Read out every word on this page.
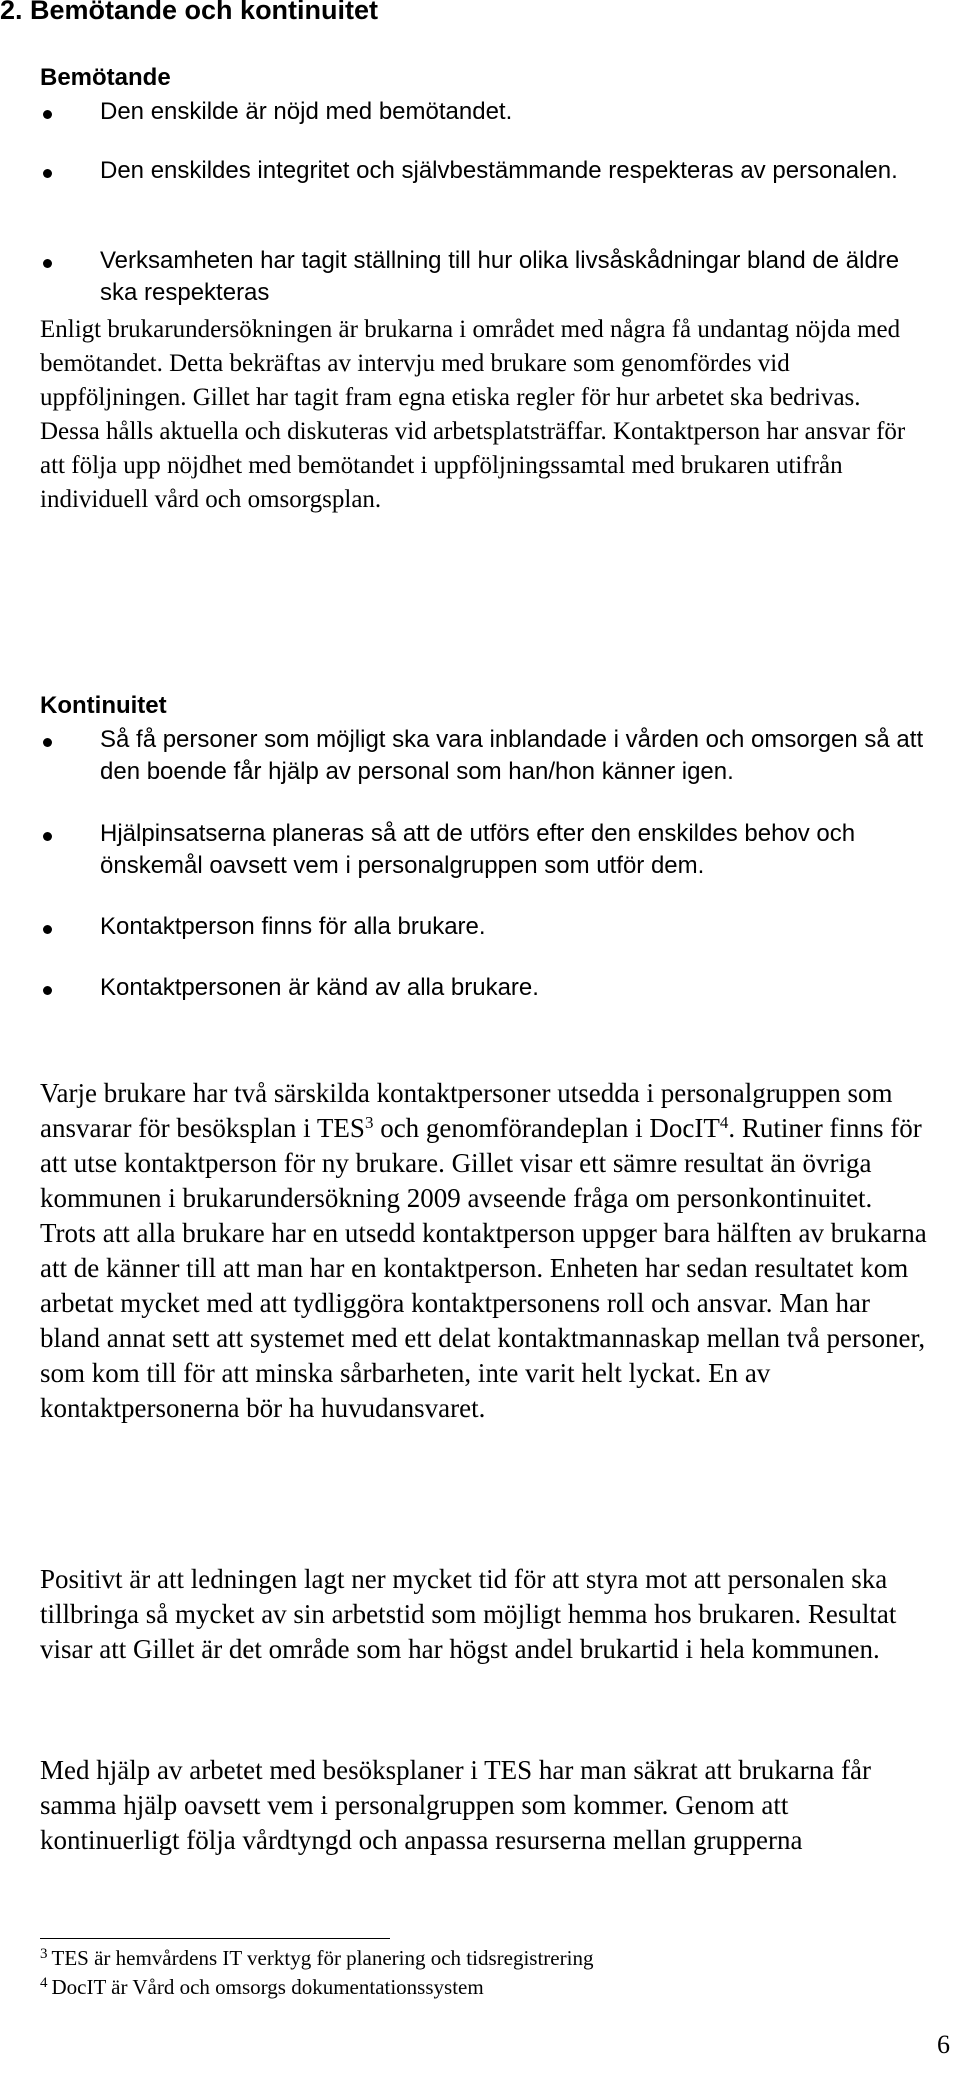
2. Bemötande och kontinuitet
Bemötande
Den enskilde är nöjd med bemötandet.
Den enskildes integritet och självbestämmande respekteras av personalen.
Verksamheten har tagit ställning till hur olika livsåskådningar bland de äldre ska respekteras

Enligt brukarundersökningen är brukarna i området med några få undantag nöjda med bemötandet. Detta bekräftas av intervju med brukare som genomfördes vid uppföljningen. Gillet har tagit fram egna etiska regler för hur arbetet ska bedrivas. Dessa hålls aktuella och diskuteras vid arbetsplatsträffar. Kontaktperson har ansvar för att följa upp nöjdhet med bemötandet i uppföljningssamtal med brukaren utifrån individuell vård och omsorgsplan.

Kontinuitet
Så få personer som möjligt ska vara inblandade i vården och omsorgen så att den boende får hjälp av personal som han/hon känner igen.
Hjälpinsatserna planeras så att de utförs efter den enskildes behov och önskemål oavsett vem i personalgruppen som utför dem.
Kontaktperson finns för alla brukare.
Kontaktpersonen är känd av alla brukare.

Varje brukare har två särskilda kontaktpersoner utsedda i personalgruppen som ansvarar för besöksplan i TES$^3$ och genomförandeplan i DocIT$^4$. Rutiner finns för att utse kontaktperson för ny brukare. Gillet visar ett sämre resultat än övriga kommunen i brukarundersökning 2009 avseende fråga om personkontinuitet. Trots att alla brukare har en utsedd kontaktperson uppger bara hälften av brukarna att de känner till att man har en kontaktperson. Enheten har sedan resultatet kom arbetat mycket med att tydliggöra kontaktpersonens roll och ansvar. Man har bland annat sett att systemet med ett delat kontaktmannaskap mellan två personer, som kom till för att minska sårbarheten, inte varit helt lyckat. En av kontaktpersonerna bör ha huvudansvaret.

Positivt är att ledningen lagt ner mycket tid för att styra mot att personalen ska tillbringa så mycket av sin arbetstid som möjligt hemma hos brukaren. Resultat visar att Gillet är det område som har högst andel brukartid i hela kommunen.

Med hjälp av arbetet med besöksplaner i TES har man säkrat att brukarna får samma hjälp oavsett vem i personalgruppen som kommer. Genom att kontinuerligt följa vårdtyngd och anpassa resurserna mellan grupperna

$^3$ TES är hemvårdens IT verktyg för planering och tidsregistrering
$^4$ DocIT är Vård och omsorgs dokumentationssystem
6
